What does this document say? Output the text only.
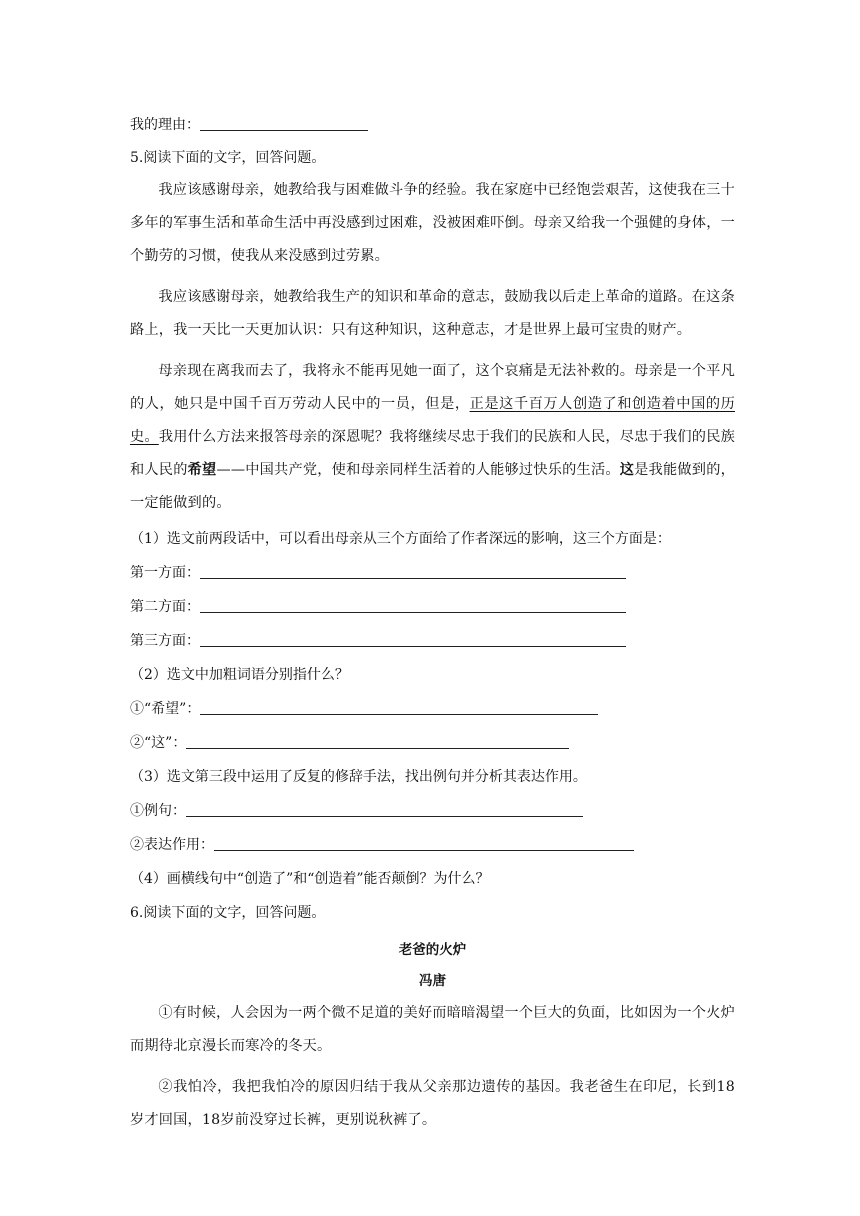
我的理由：
5.阅读下面的文字，回答问题。

我应该感谢母亲，她教给我与困难做斗争的经验。我在家庭中已经饱尝艰苦，这使我在三十多年的军事生活和革命生活中再没感到过困难，没被困难吓倒。母亲又给我一个强健的身体，一个勤劳的习惯，使我从来没感到过劳累。

我应该感谢母亲，她教给我生产的知识和革命的意志，鼓励我以后走上革命的道路。在这条路上，我一天比一天更加认识：只有这种知识，这种意志，才是世界上最可宝贵的财产。

母亲现在离我而去了，我将永不能再见她一面了，这个哀痛是无法补救的。母亲是一个平凡的人，她只是中国千百万劳动人民中的一员，但是，正是这千百万人创造了和创造着中国的历史。我用什么方法来报答母亲的深恩呢？我将继续尽忠于我们的民族和人民，尽忠于我们的民族和人民的希望——中国共产党，使和母亲同样生活着的人能够过快乐的生活。这是我能做到的，一定能做到的。

（1）选文前两段话中，可以看出母亲从三个方面给了作者深远的影响，这三个方面是：
第一方面：
第二方面：
第三方面：
（2）选文中加粗词语分别指什么？
①“希望”：
②“这”：
（3）选文第三段中运用了反复的修辞手法，找出例句并分析其表达作用。
①例句：
②表达作用：
（4）画横线句中“创造了”和“创造着”能否颠倒？为什么？
6.阅读下面的文字，回答问题。
老爸的火炉
冯唐

①有时候，人会因为一两个微不足道的美好而暗暗渴望一个巨大的负面，比如因为一个火炉而期待北京漫长而寒冷的冬天。

②我怕冷，我把我怕冷的原因归结于我从父亲那边遗传的基因。我老爸生在印尼，长到18岁才回国，18岁前没穿过长裤，更别说秋裤了。
